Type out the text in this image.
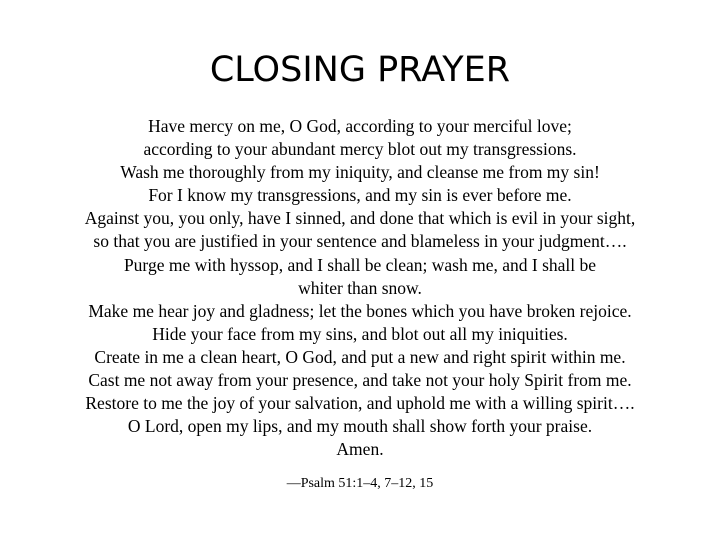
CLOSING PRAYER
Have mercy on me, O God, according to your merciful love;
according to your abundant mercy blot out my transgressions.
Wash me thoroughly from my iniquity, and cleanse me from my sin!
For I know my transgressions, and my sin is ever before me.
Against you, you only, have I sinned, and done that which is evil in your sight,
so that you are justified in your sentence and blameless in your judgment….
Purge me with hyssop, and I shall be clean; wash me, and I shall be
whiter than snow.
Make me hear joy and gladness; let the bones which you have broken rejoice.
Hide your face from my sins, and blot out all my iniquities.
Create in me a clean heart, O God, and put a new and right spirit within me.
Cast me not away from your presence, and take not your holy Spirit from me.
Restore to me the joy of your salvation, and uphold me with a willing spirit….
O Lord, open my lips, and my mouth shall show forth your praise.
Amen.

—Psalm 51:1–4, 7–12, 15
